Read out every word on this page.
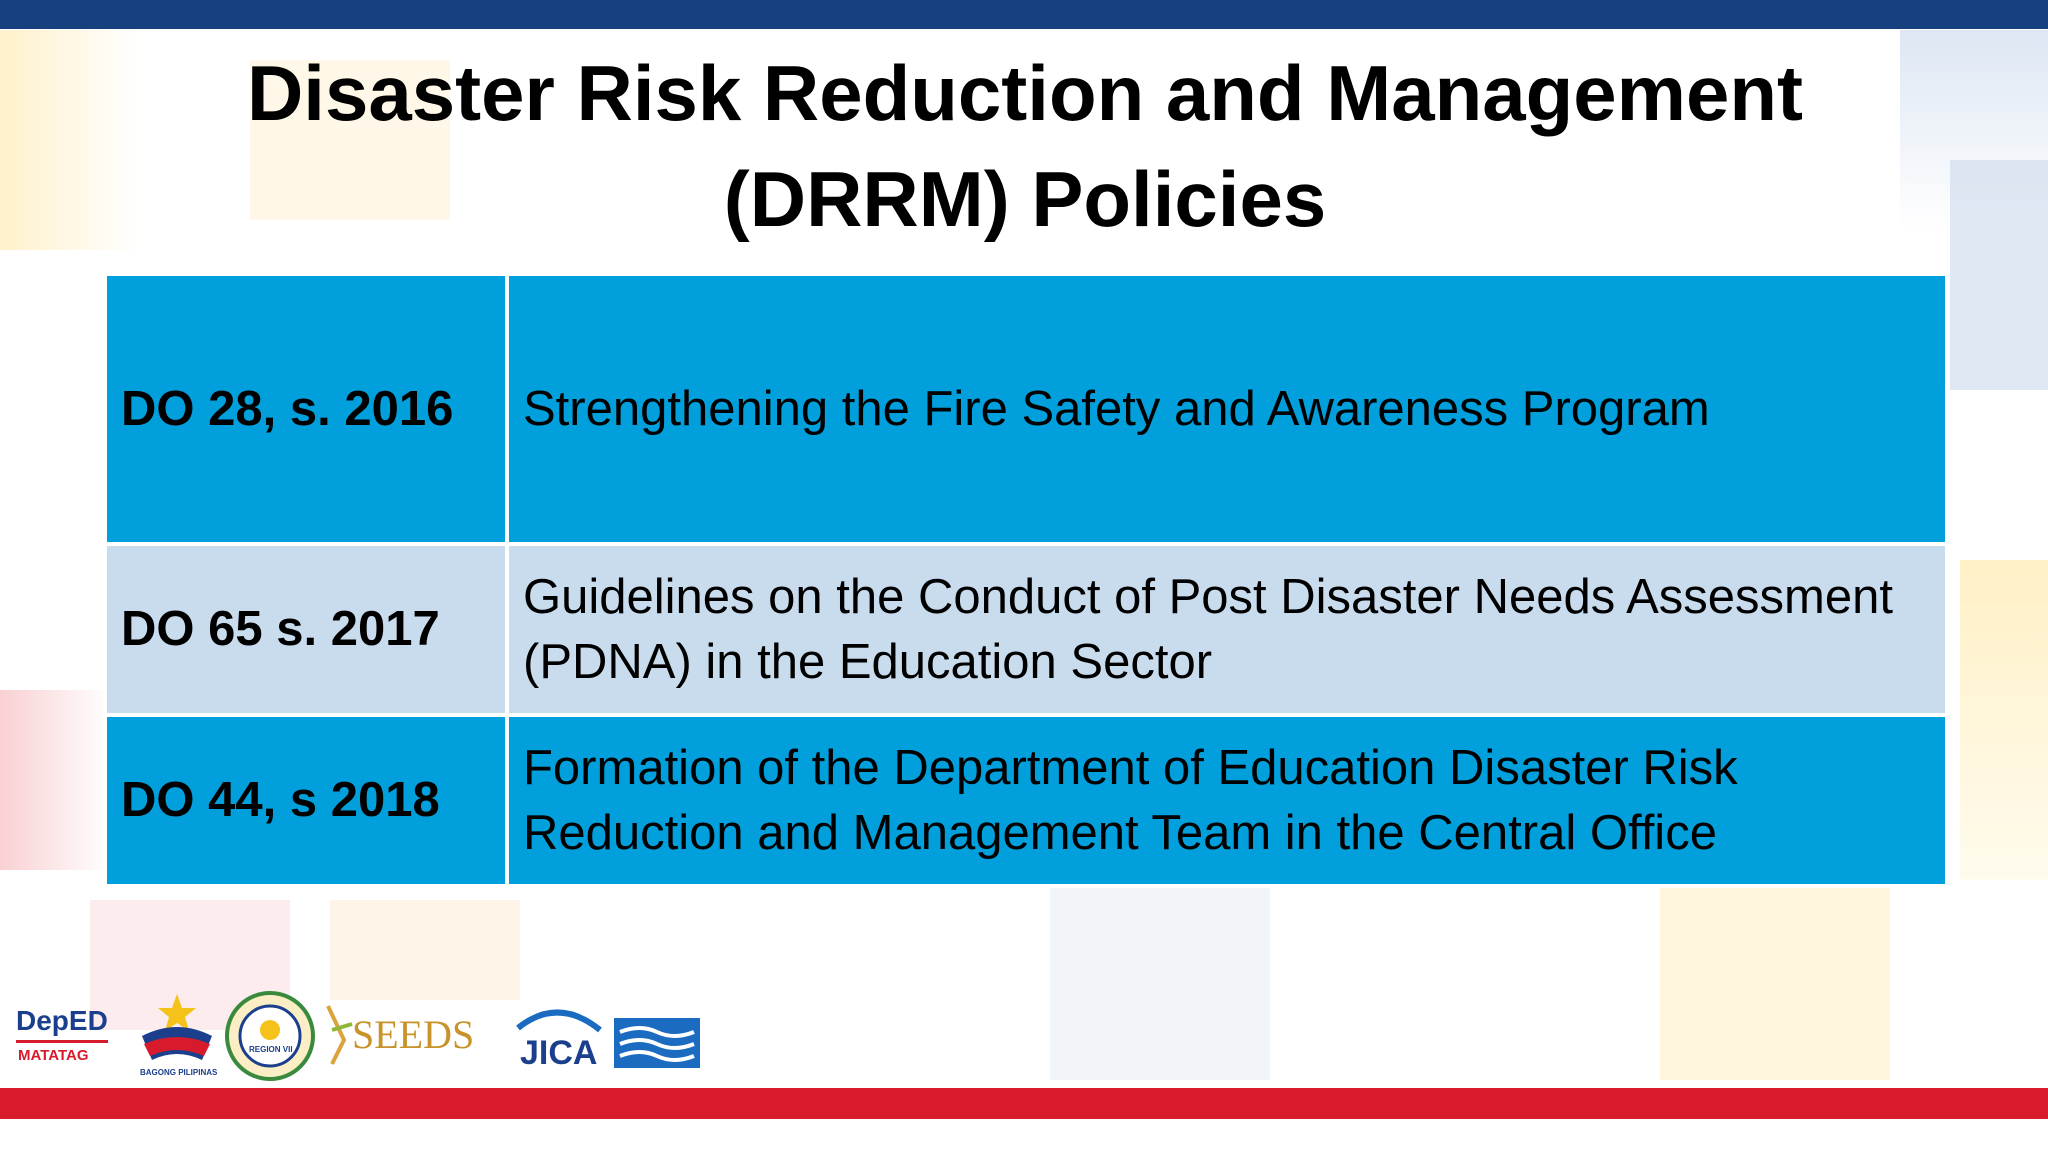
Disaster Risk Reduction and Management
(DRRM) Policies
DO 28, s. 2016	Strengthening the Fire Safety and Awareness Program
DO 65 s. 2017	Guidelines on the Conduct of Post Disaster Needs Assessment (PDNA) in the Education Sector
DO 44, s 2018	Formation of the Department of Education Disaster Risk Reduction and Management Team in the Central Office
DepED
MATATAG
BAGONG PILIPINAS
REGION VII SEEDS JICA
